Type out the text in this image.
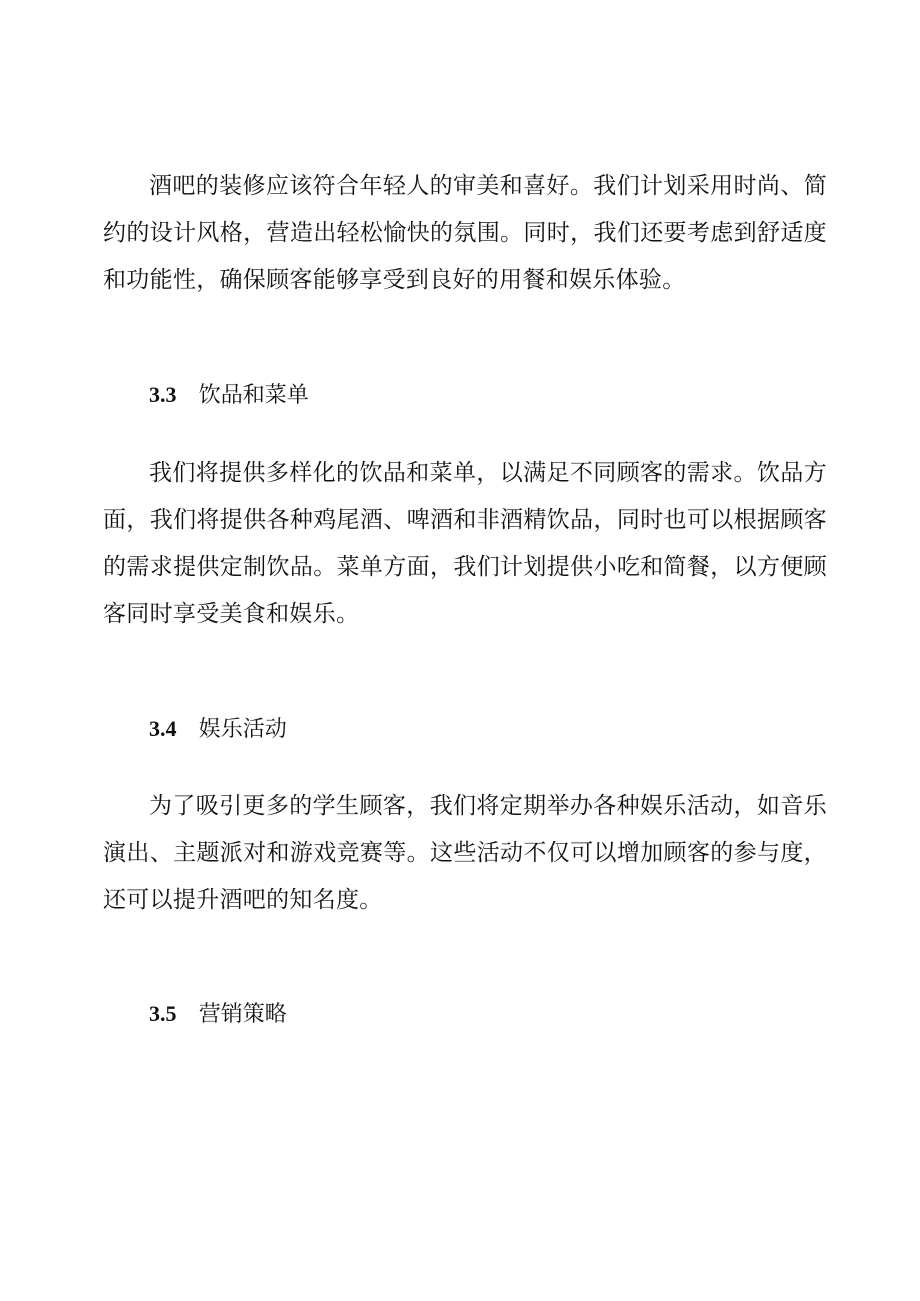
酒吧的装修应该符合年轻人的审美和喜好。我们计划采用时尚、简约的设计风格，营造出轻松愉快的氛围。同时，我们还要考虑到舒适度和功能性，确保顾客能够享受到良好的用餐和娱乐体验。

3.3 饮品和菜单

我们将提供多样化的饮品和菜单，以满足不同顾客的需求。饮品方面，我们将提供各种鸡尾酒、啤酒和非酒精饮品，同时也可以根据顾客的需求提供定制饮品。菜单方面，我们计划提供小吃和简餐，以方便顾客同时享受美食和娱乐。

3.4 娱乐活动

为了吸引更多的学生顾客，我们将定期举办各种娱乐活动，如音乐演出、主题派对和游戏竞赛等。这些活动不仅可以增加顾客的参与度，还可以提升酒吧的知名度。

3.5 营销策略
